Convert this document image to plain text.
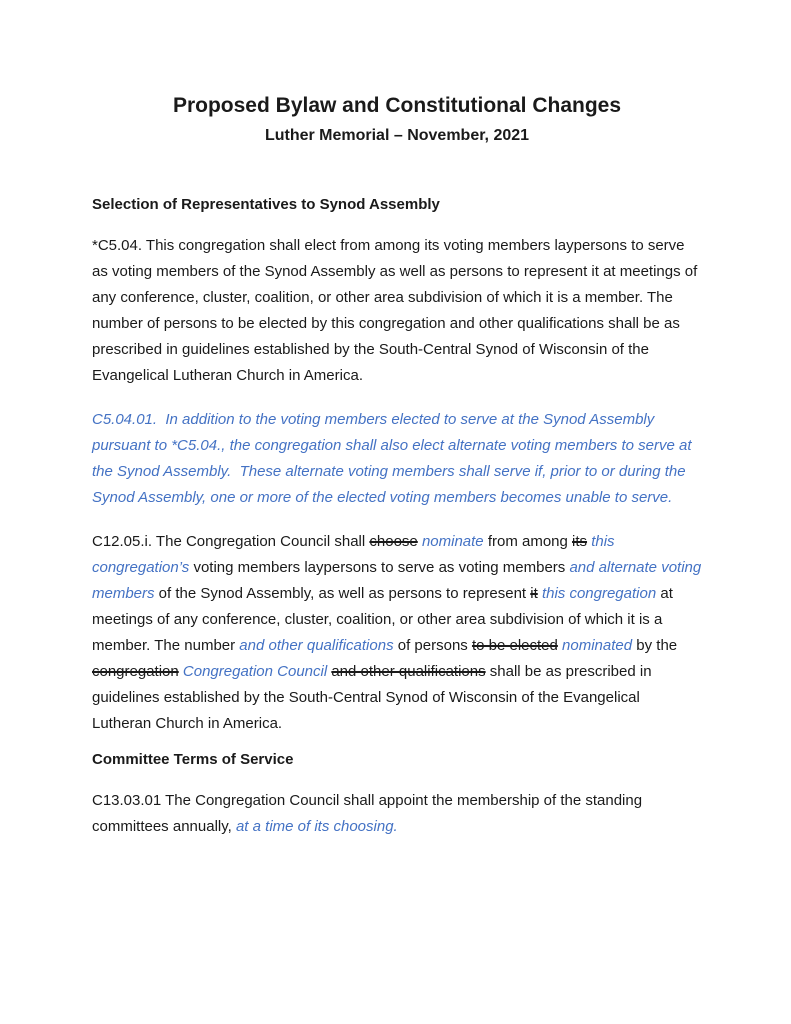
Proposed Bylaw and Constitutional Changes
Luther Memorial – November, 2021
Selection of Representatives to Synod Assembly

*C5.04. This congregation shall elect from among its voting members laypersons to serve as voting members of the Synod Assembly as well as persons to represent it at meetings of any conference, cluster, coalition, or other area subdivision of which it is a member. The number of persons to be elected by this congregation and other qualifications shall be as prescribed in guidelines established by the South-Central Synod of Wisconsin of the Evangelical Lutheran Church in America.

C5.04.01.  In addition to the voting members elected to serve at the Synod Assembly pursuant to *C5.04., the congregation shall also elect alternate voting members to serve at the Synod Assembly.  These alternate voting members shall serve if, prior to or during the Synod Assembly, one or more of the elected voting members becomes unable to serve.

C12.05.i. The Congregation Council shall choose nominate from among its this congregation’s voting members laypersons to serve as voting members and alternate voting members of the Synod Assembly, as well as persons to represent it this congregation at meetings of any conference, cluster, coalition, or other area subdivision of which it is a member. The number and other qualifications of persons to be elected nominated by the congregation Congregation Council and other qualifications shall be as prescribed in guidelines established by the South-Central Synod of Wisconsin of the Evangelical Lutheran Church in America.

Committee Terms of Service

C13.03.01 The Congregation Council shall appoint the membership of the standing committees annually, at a time of its choosing.
